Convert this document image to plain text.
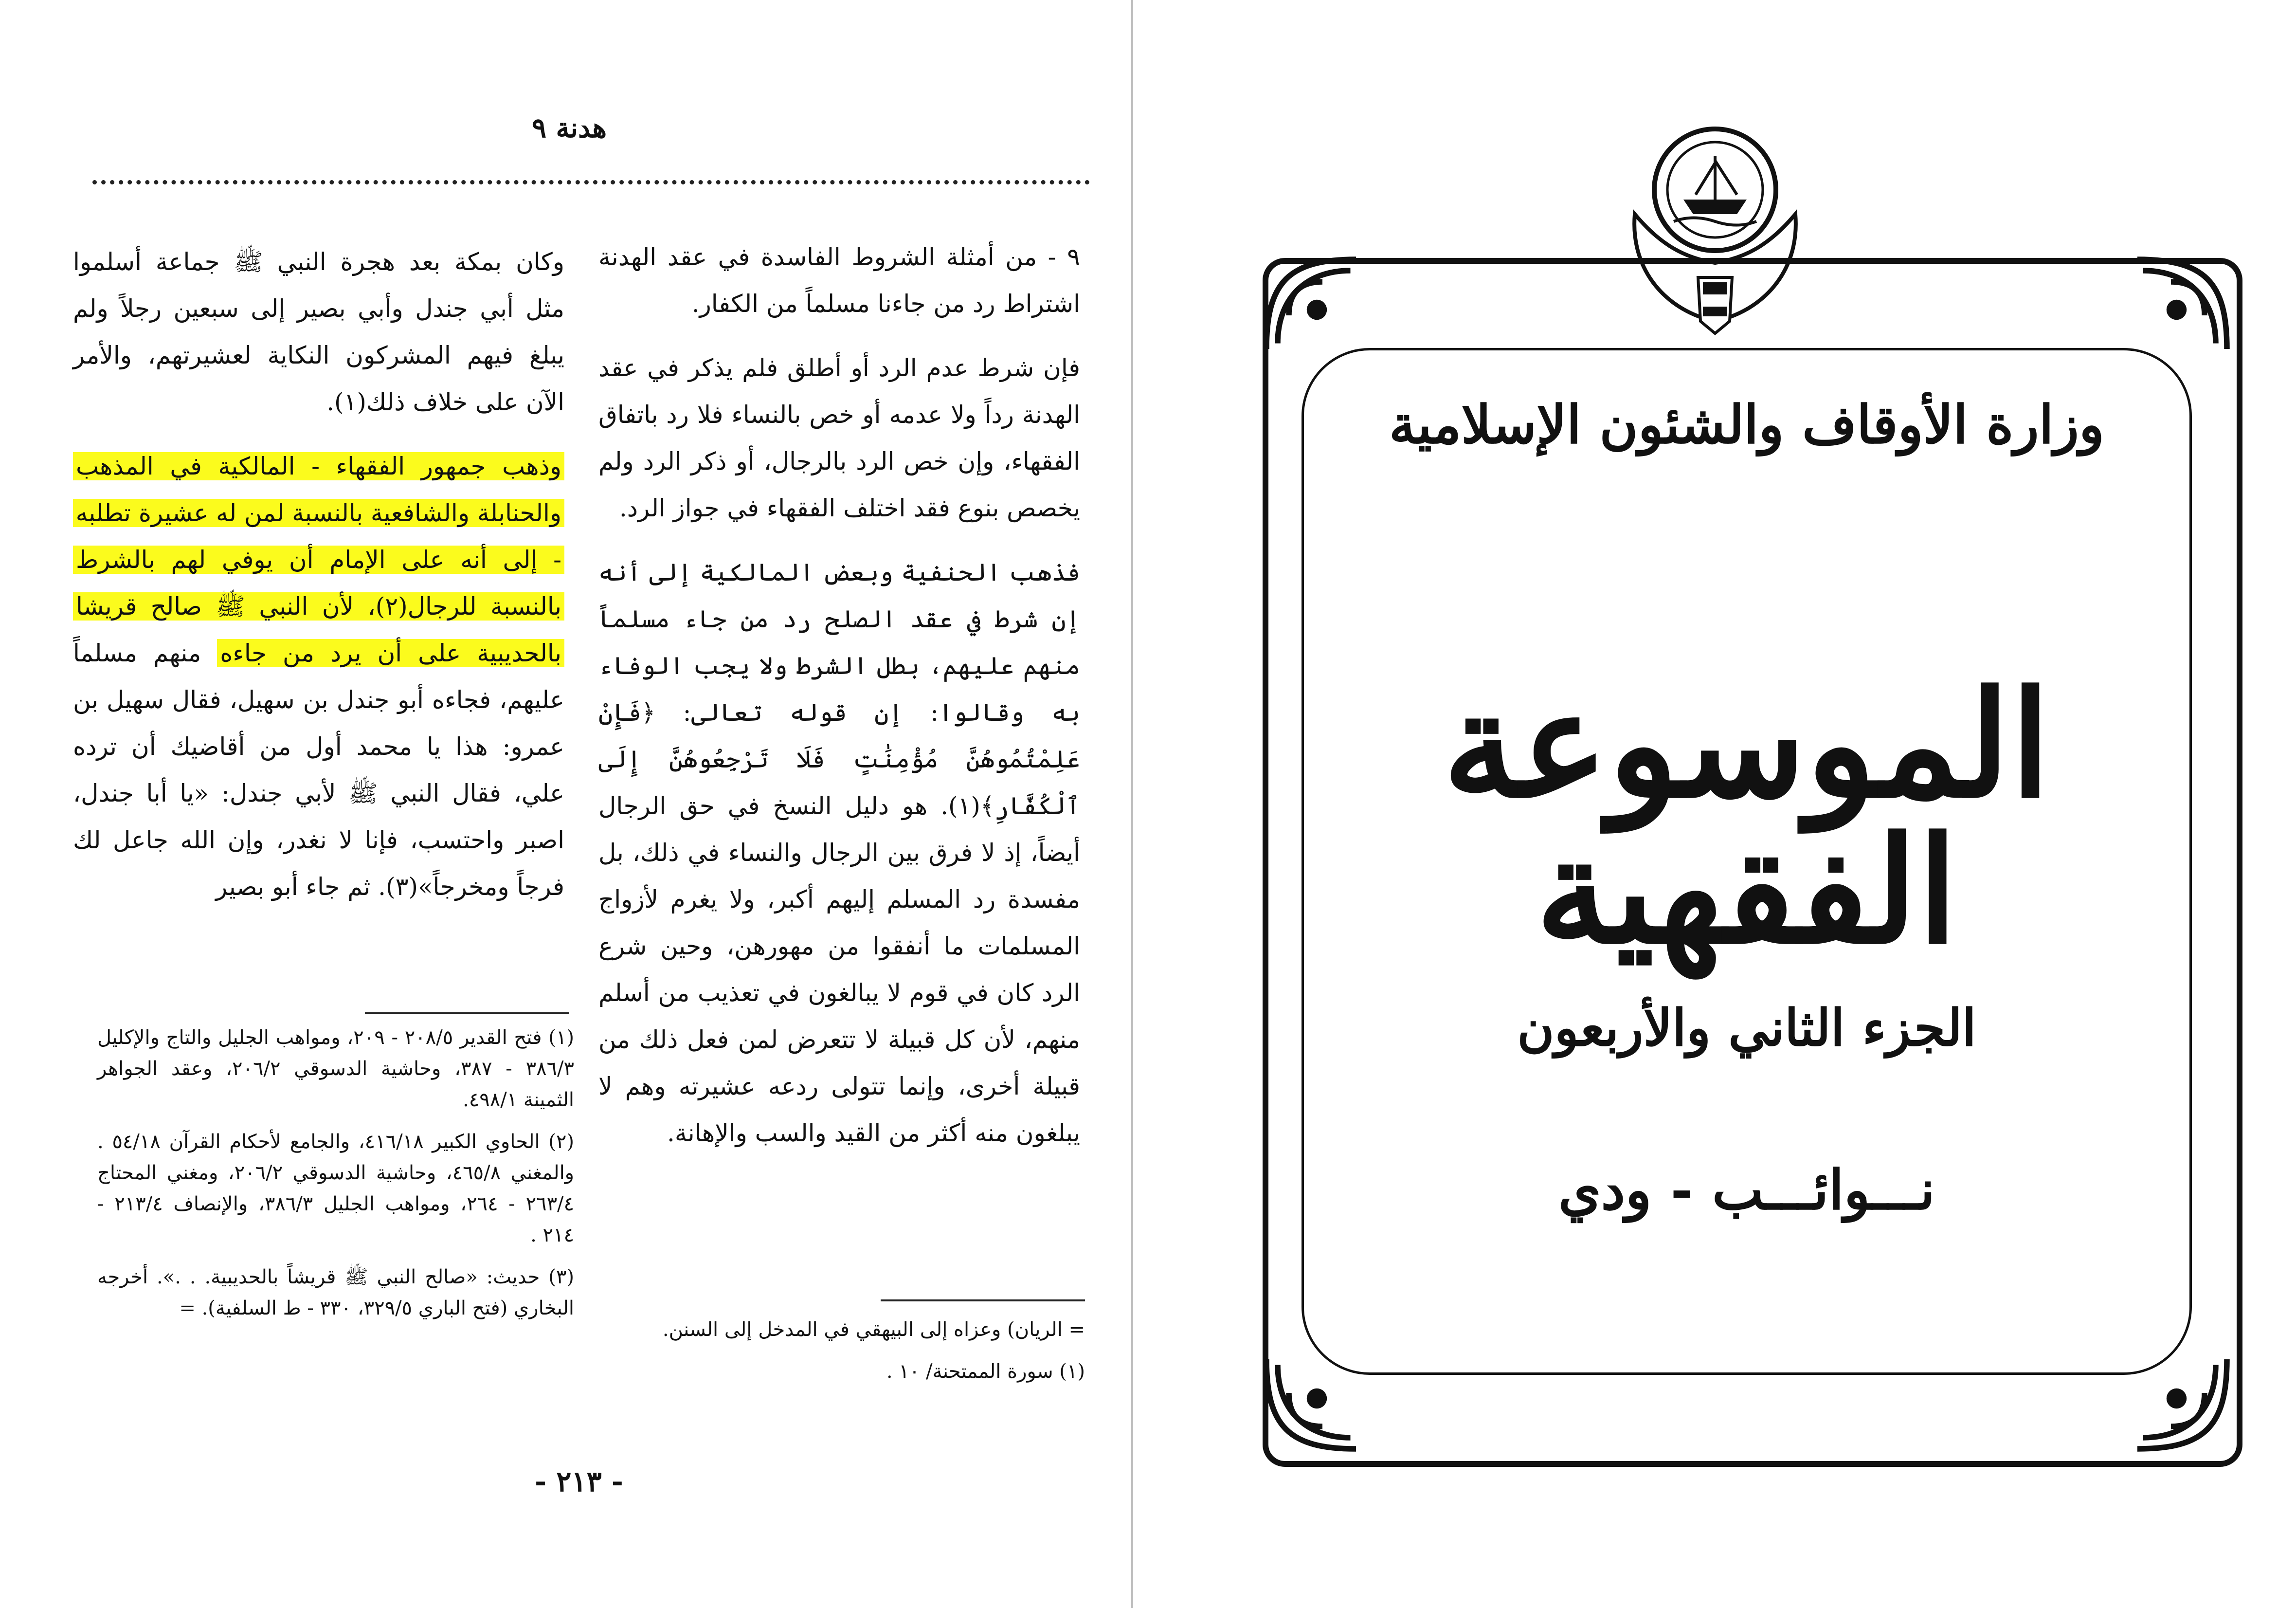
هدنة ٩

٩ - من أمثلة الشروط الفاسدة في عقد الهدنة اشتراط رد من جاءنا مسلماً من الكفار.

فإن شرط عدم الرد أو أطلق فلم يذكر في عقد الهدنة رداً ولا عدمه أو خص بالنساء فلا رد باتفاق الفقهاء، وإن خص الرد بالرجال، أو ذكر الرد ولم يخصص بنوع فقد اختلف الفقهاء في جواز الرد.

فذهب الحنفية وبعض المالكية إلى أنه إن شرط في عقد الصلح رد من جاء مسلماً منهم عليهم، بطل الشرط ولا يجب الوفاء به وقالوا: إن قوله تعالى: ﴿فَإِنْ عَلِمْتُمُوهُنَّ مُؤْمِنَٰتٍ فَلَا تَرْجِعُوهُنَّ إِلَى ٱلْكُفَّارِ﴾(١). هو دليل النسخ في حق الرجال أيضاً، إذ لا فرق بين الرجال والنساء في ذلك، بل مفسدة رد المسلم إليهم أكبر، ولا يغرم لأزواج المسلمات ما أنفقوا من مهورهن، وحين شرع الرد كان في قوم لا يبالغون في تعذيب من أسلم منهم، لأن كل قبيلة لا تتعرض لمن فعل ذلك من قبيلة أخرى، وإنما تتولى ردعه عشيرته وهم لا يبلغون منه أكثر من القيد والسب والإهانة.

وكان بمكة بعد هجرة النبي ﷺ جماعة أسلموا مثل أبي جندل وأبي بصير إلى سبعين رجلاً ولم يبلغ فيهم المشركون النكاية لعشيرتهم، والأمر الآن على خلاف ذلك(١).

وذهب جمهور الفقهاء - المالكية في المذهب والحنابلة والشافعية بالنسبة لمن له عشيرة تطلبه - إلى أنه على الإمام أن يوفي لهم بالشرط بالنسبة للرجال(٢)، لأن النبي ﷺ صالح قريشا بالحديبية على أن يرد من جاءه منهم مسلماً عليهم، فجاءه أبو جندل بن سهيل، فقال سهيل بن عمرو: هذا يا محمد أول من أقاضيك أن ترده علي، فقال النبي ﷺ لأبي جندل: «يا أبا جندل، اصبر واحتسب، فإنا لا نغدر، وإن الله جاعل لك فرجاً ومخرجاً»(٣). ثم جاء أبو بصير

(١) فتح القدير ٢٠٨/٥ - ٢٠٩، ومواهب الجليل والتاج والإكليل ٣٨٦/٣ - ٣٨٧، وحاشية الدسوقي ٢٠٦/٢، وعقد الجواهر الثمينة ٤٩٨/١.
(٢) الحاوي الكبير ٤١٦/١٨، والجامع لأحكام القرآن ٥٤/١٨ . والمغني ٤٦٥/٨، وحاشية الدسوقي ٢٠٦/٢، ومغني المحتاج ٢٦٣/٤ - ٢٦٤، ومواهب الجليل ٣٨٦/٣، والإنصاف ٢١٣/٤ - ٢١٤ .
(٣) حديث: «صالح النبي ﷺ قريشاً بالحديبية. . .». أخرجه البخاري (فتح الباري ٣٢٩/٥، ٣٣٠ - ط السلفية). =
= الريان) وعزاه إلى البيهقي في المدخل إلى السنن.
(١) سورة الممتحنة/ ١٠ .
- ٢١٣ -
وزارة الأوقاف والشئون الإسلامية
الموسوعة الفقهية
الجزء الثاني والأربعون
نـــوائـــب - ودي
